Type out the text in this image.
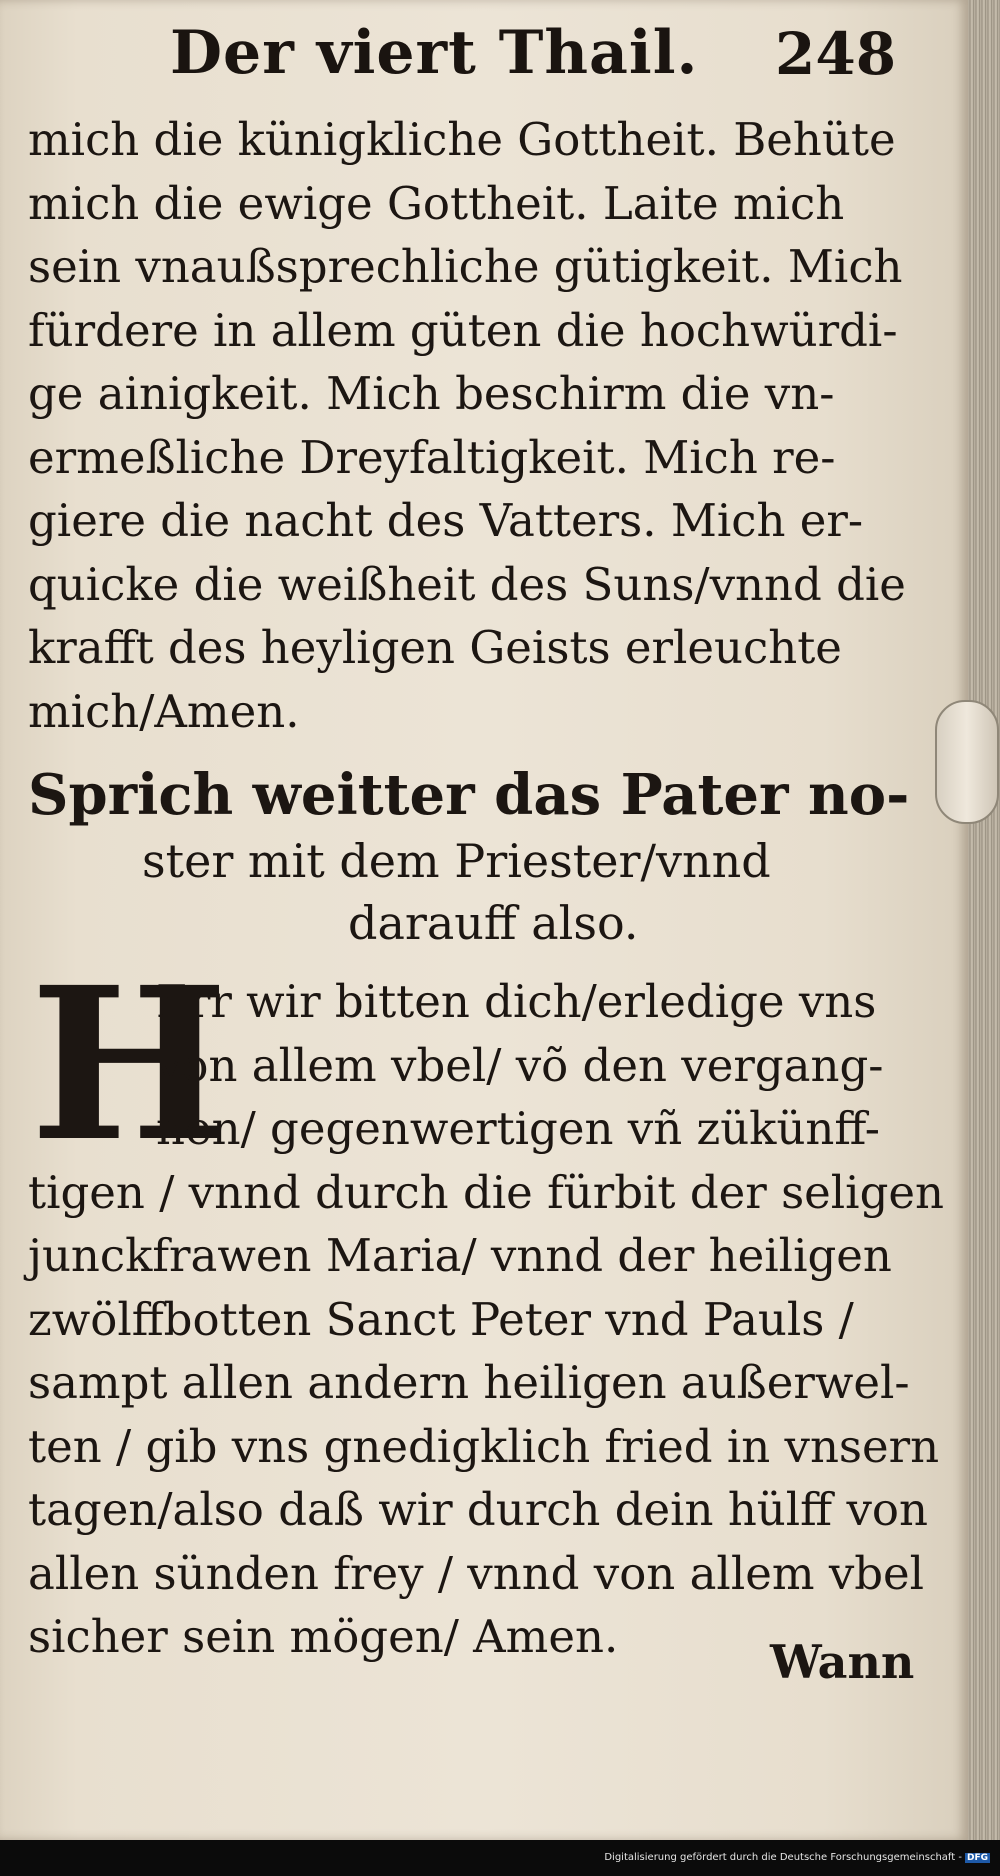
Der viert Thail. 248
mich die künigkliche Gottheit. Behüte
mich die ewige Gottheit. Laite mich
sein vnaußsprechliche gütigkeit. Mich
fürdere in allem güten die hochwürdi-
ge ainigkeit. Mich beschirm die vn-
ermeßliche Dreyfaltigkeit. Mich re-
giere die nacht des Vatters. Mich er-
quicke die weißheit des Suns/vnnd die
krafft des heyligen Geists erleuchte
mich/Amen.
Sprich weitter das Pater no-
ster mit dem Priester/vnnd
darauff also.
H
Err wir bitten dich/erledige vns
von allem vbel/ võ den vergang-
nen/ gegenwertigen vñ zükünff-
tigen / vnnd durch die fürbit der seligen
junckfrawen Maria/ vnnd der heiligen
zwölffbotten Sanct Peter vnd Pauls /
sampt allen andern heiligen außerwel-
ten / gib vns gnedigklich fried in vnsern
tagen/also daß wir durch dein hülff von
allen sünden frey / vnnd von allem vbel
sicher sein mögen/ Amen.	Wann
Digitalisierung gefördert durch die Deutsche Forschungsgemeinschaft - DFG
